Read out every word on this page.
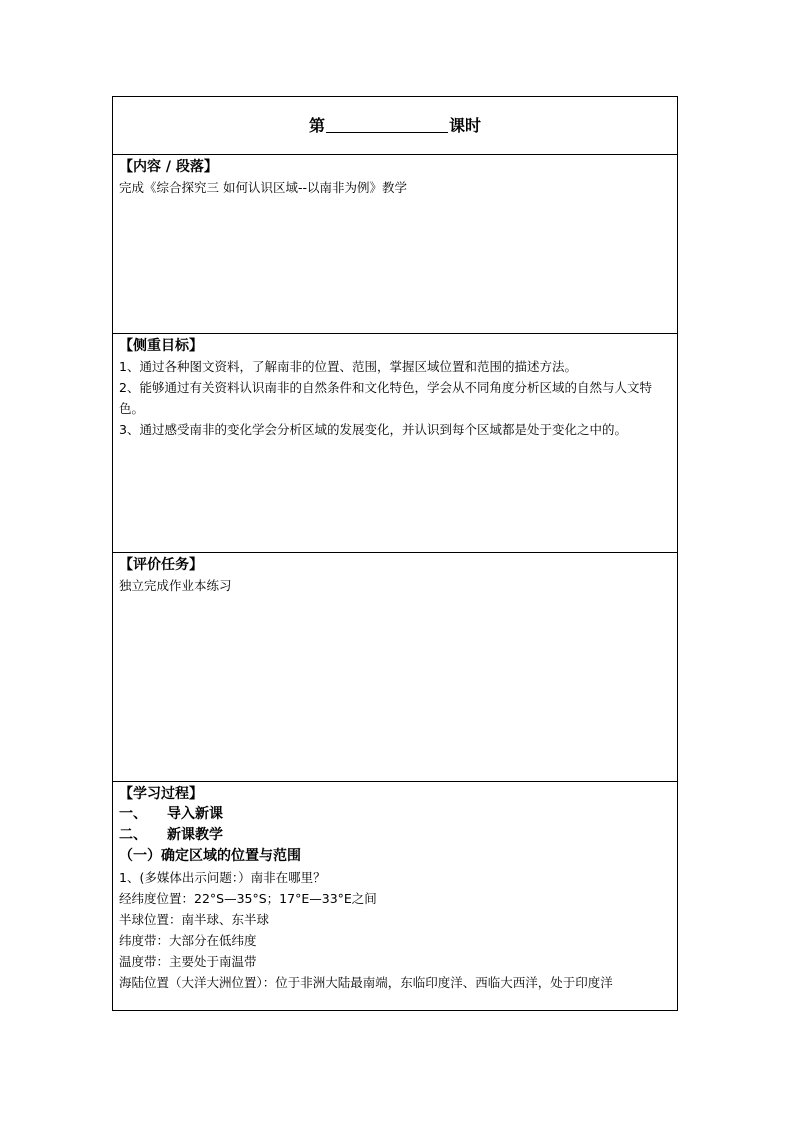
第	课时

【内容 / 段落】
完成《综合探究三 如何认识区域--以南非为例》教学

【侧重目标】
1、通过各种图文资料，了解南非的位置、范围，掌握区域位置和范围的描述方法。
2、能够通过有关资料认识南非的自然条件和文化特色，学会从不同角度分析区域的自然与人文特色。
3、通过感受南非的变化学会分析区域的发展变化，并认识到每个区域都是处于变化之中的。

【评价任务】
独立完成作业本练习

【学习过程】
一、 导入新课
二、 新课教学
（一）确定区域的位置与范围
1、(多媒体出示问题：）南非在哪里？
经纬度位置：22°S—35°S；17°E—33°E之间
半球位置：南半球、东半球
纬度带：大部分在低纬度
温度带：主要处于南温带
海陆位置（大洋大洲位置）：位于非洲大陆最南端，东临印度洋、西临大西洋，处于印度洋
